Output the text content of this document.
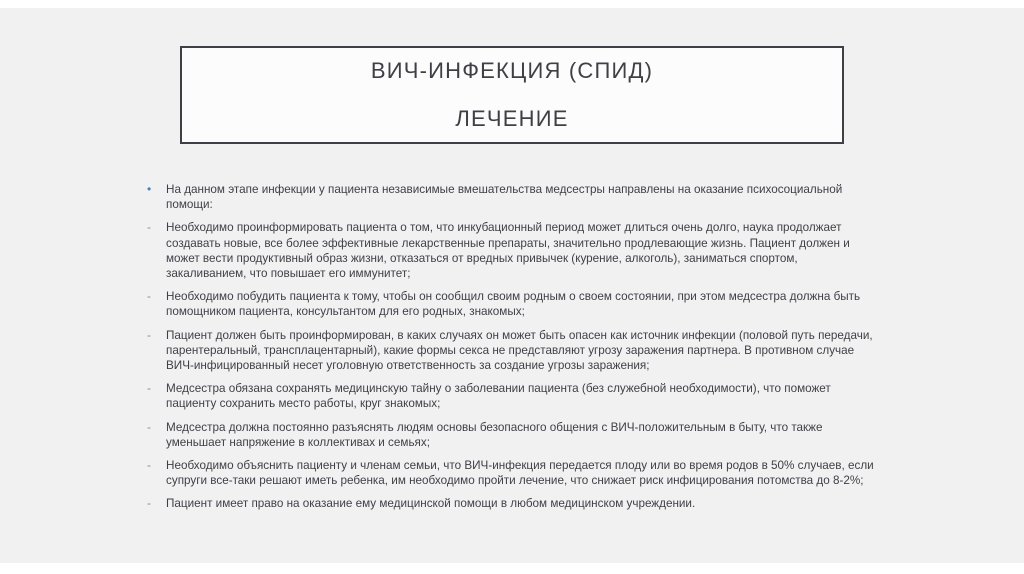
ВИЧ-ИНФЕКЦИЯ (СПИД)
ЛЕЧЕНИЕ
•	На данном этапе инфекции у пациента независимые вмешательства медсестры направлены на оказание психосоциальной помощи:
-	Необходимо проинформировать пациента о том, что инкубационный период может длиться очень долго, наука продолжает создавать новые, все более эффективные лекарственные препараты, значительно продлевающие жизнь. Пациент должен и может вести продуктивный образ жизни, отказаться от вредных привычек (курение, алкоголь), заниматься спортом, закаливанием, что повышает его иммунитет;
-	Необходимо побудить пациента к тому, чтобы он сообщил своим родным о своем состоянии, при этом медсестра должна быть помощником пациента, консультантом для его родных, знакомых;
-	Пациент должен быть проинформирован, в каких случаях он может быть опасен как источник инфекции (половой путь передачи, парентеральный, трансплацентарный), какие формы секса не представляют угрозу заражения партнера. В противном случае ВИЧ-инфицированный несет уголовную ответственность за создание угрозы заражения;
-	Медсестра обязана сохранять медицинскую тайну о заболевании пациента (без служебной необходимости), что поможет пациенту сохранить место работы, круг знакомых;
-	Медсестра должна постоянно разъяснять людям основы безопасного общения с ВИЧ-положительным в быту, что также уменьшает напряжение в коллективах и семьях;
-	Необходимо объяснить пациенту и членам семьи, что ВИЧ-инфекция передается плоду или во время родов в 50% случаев, если супруги все-таки решают иметь ребенка, им необходимо пройти лечение, что снижает риск инфицирования потомства до 8-2%;
-	Пациент имеет право на оказание ему медицинской помощи в любом медицинском учреждении.
